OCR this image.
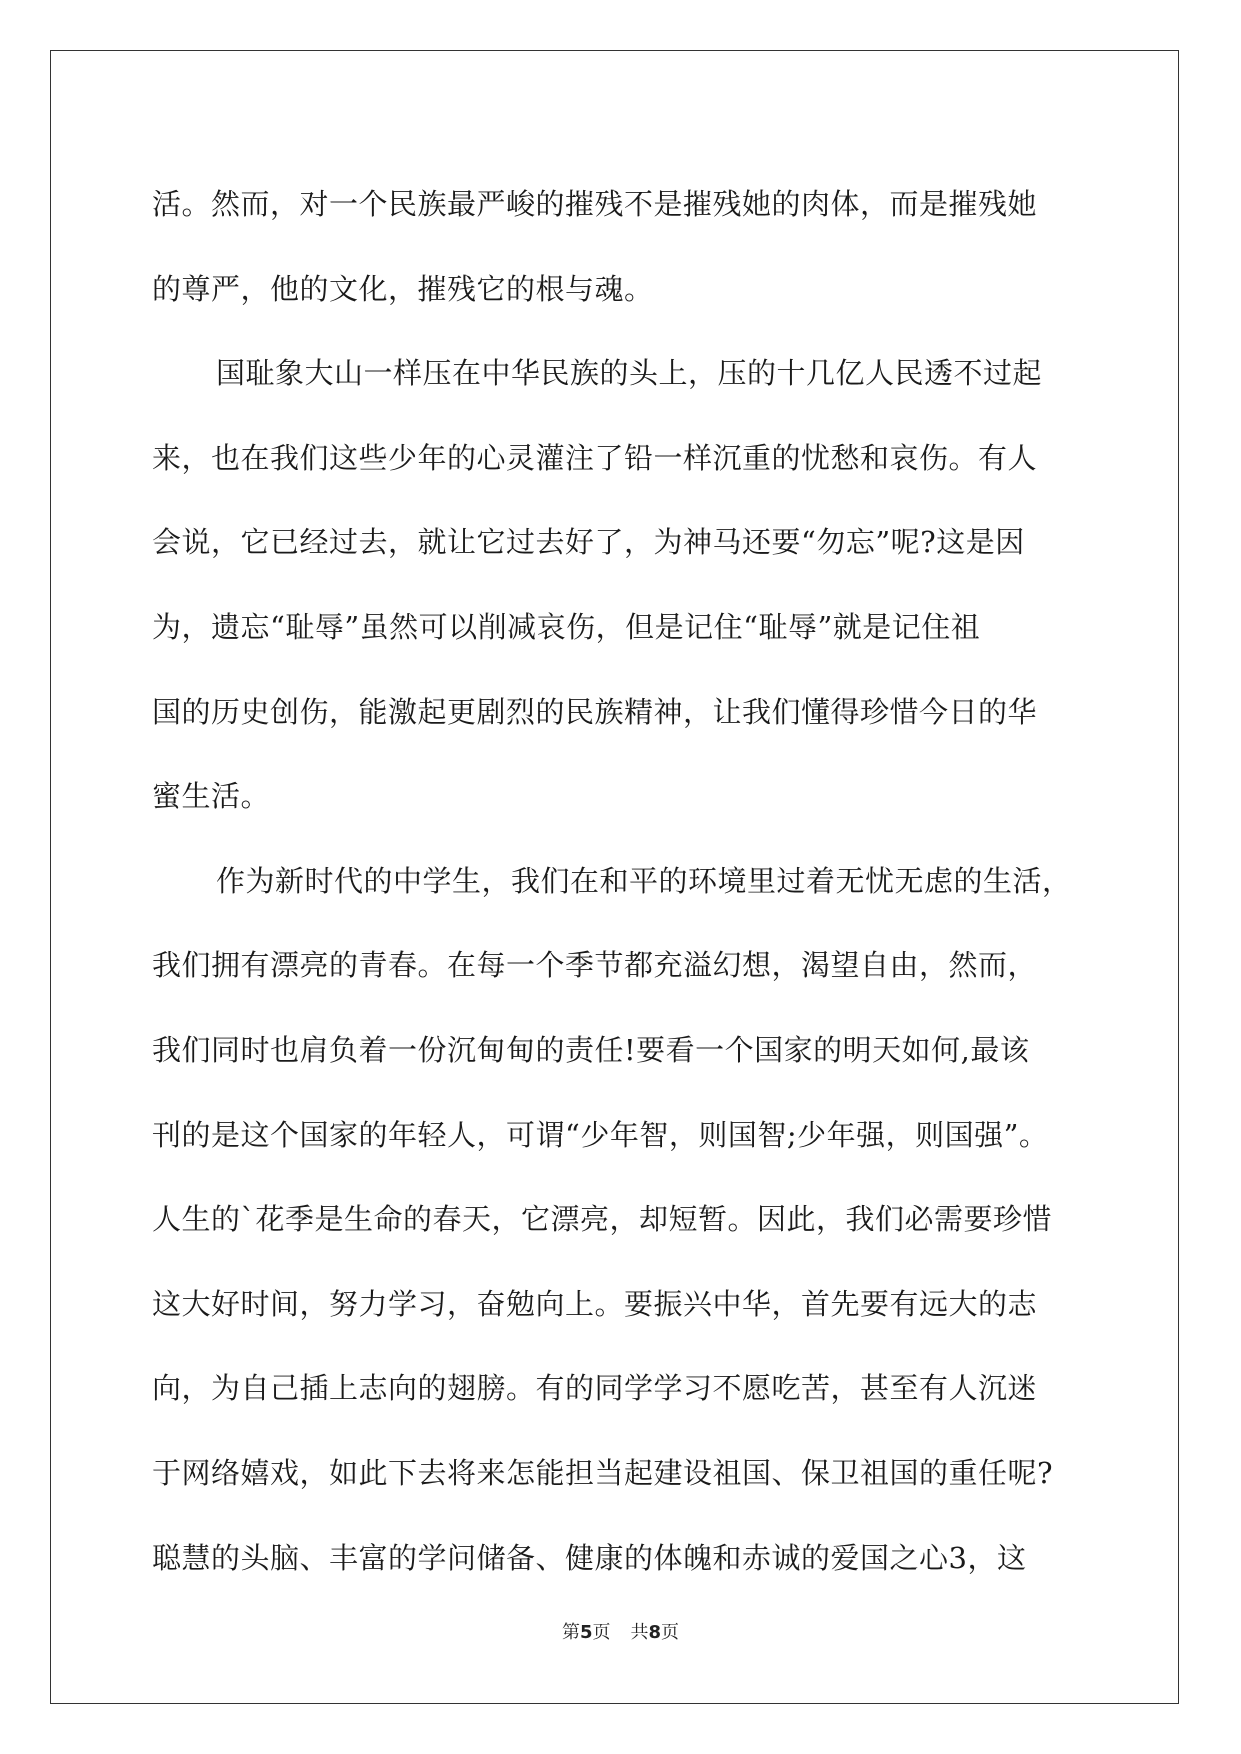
活。然而，对一个民族最严峻的摧残不是摧残她的肉体，而是摧残她
的尊严，他的文化，摧残它的根与魂。
国耻象大山一样压在中华民族的头上，压的十几亿人民透不过起
来，也在我们这些少年的心灵灌注了铅一样沉重的忧愁和哀伤。有人
会说，它已经过去，就让它过去好了，为神马还要“勿忘”呢?这是因
为，遗忘“耻辱”虽然可以削减哀伤，但是记住“耻辱”就是记住祖
国的历史创伤，能激起更剧烈的民族精神，让我们懂得珍惜今日的华
蜜生活。
作为新时代的中学生，我们在和平的环境里过着无忧无虑的生活，
我们拥有漂亮的青春。在每一个季节都充溢幻想，渴望自由，然而，
我们同时也肩负着一份沉甸甸的责任!要看一个国家的明天如何,最该
刊的是这个国家的年轻人，可谓“少年智，则国智;少年强，则国强”。
人生的`花季是生命的春天，它漂亮，却短暂。因此，我们必需要珍惜
这大好时间，努力学习，奋勉向上。要振兴中华，首先要有远大的志
向，为自己插上志向的翅膀。有的同学学习不愿吃苦，甚至有人沉迷
于网络嬉戏，如此下去将来怎能担当起建设祖国、保卫祖国的重任呢?
聪慧的头脑、丰富的学问储备、健康的体魄和赤诚的爱国之心3，这
第5页 共8页
